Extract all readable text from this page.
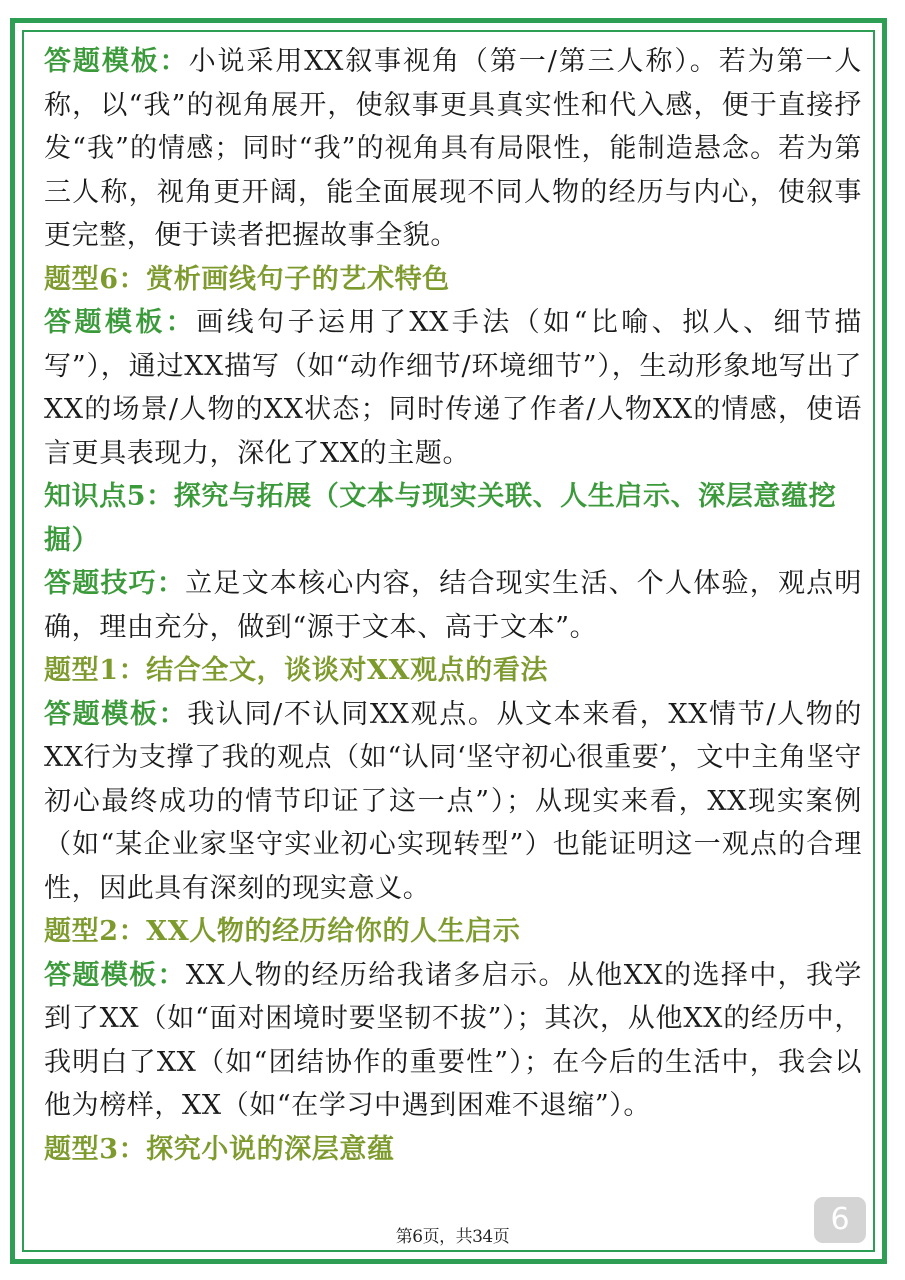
答题模板：小说采用XX叙事视角（第一/第三人称）。若为第一人称，以“我”的视角展开，使叙事更具真实性和代入感，便于直接抒发“我”的情感；同时“我”的视角具有局限性，能制造悬念。若为第三人称，视角更开阔，能全面展现不同人物的经历与内心，使叙事更完整，便于读者把握故事全貌。

题型6：赏析画线句子的艺术特色

答题模板：画线句子运用了XX手法（如“比喻、拟人、细节描写”），通过XX描写（如“动作细节/环境细节”），生动形象地写出了XX的场景/人物的XX状态；同时传递了作者/人物XX的情感，使语言更具表现力，深化了XX的主题。

知识点5：探究与拓展（文本与现实关联、人生启示、深层意蕴挖掘）

答题技巧：立足文本核心内容，结合现实生活、个人体验，观点明确，理由充分，做到“源于文本、高于文本”。

题型1：结合全文，谈谈对XX观点的看法

答题模板：我认同/不认同XX观点。从文本来看，XX情节/人物的XX行为支撑了我的观点（如“认同‘坚守初心很重要’，文中主角坚守初心最终成功的情节印证了这一点”）；从现实来看，XX现实案例（如“某企业家坚守实业初心实现转型”）也能证明这一观点的合理性，因此具有深刻的现实意义。

题型2：XX人物的经历给你的人生启示

答题模板：XX人物的经历给我诸多启示。从他XX的选择中，我学到了XX（如“面对困境时要坚韧不拔”）；其次，从他XX的经历中，我明白了XX（如“团结协作的重要性”）；在今后的生活中，我会以他为榜样，XX（如“在学习中遇到困难不退缩”）。

题型3：探究小说的深层意蕴

第6页，共34页	6
